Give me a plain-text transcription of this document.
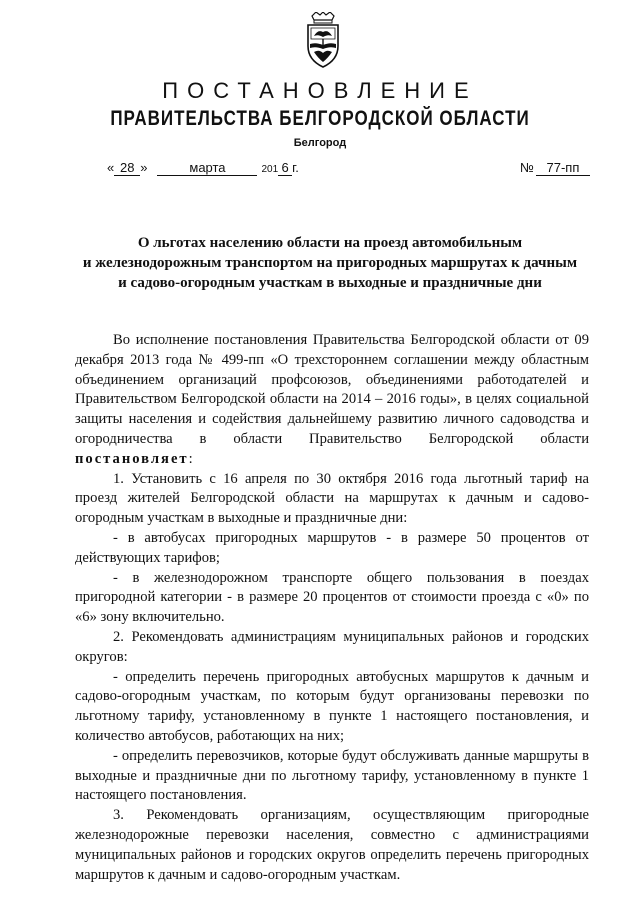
ПОСТАНОВЛЕНИЕ
ПРАВИТЕЛЬСТВА БЕЛГОРОДСКОЙ ОБЛАСТИ
Белгород
« 28 »	марта	201 6 г.	№ 77-пп
О льготах населению области на проезд автомобильным
и железнодорожным транспортом на пригородных маршрутах к дачным
и садово-огородным участкам в выходные и праздничные дни

Во исполнение постановления Правительства Белгородской области от 09 декабря 2013 года № 499-пп «О трехстороннем соглашении между областным объединением организаций профсоюзов, объединениями работодателей и Правительством Белгородской области на 2014 – 2016 годы», в целях социальной защиты населения и содействия дальнейшему развитию личного садоводства и огородничества в области Правительство Белгородской области постановляет:

1. Установить с 16 апреля по 30 октября 2016 года льготный тариф на проезд жителей Белгородской области на маршрутах к дачным и садово-огородным участкам в выходные и праздничные дни:

- в автобусах пригородных маршрутов - в размере 50 процентов от действующих тарифов;

- в железнодорожном транспорте общего пользования в поездах пригородной категории - в размере 20 процентов от стоимости проезда с «0» по «6» зону включительно.

2. Рекомендовать администрациям муниципальных районов и городских округов:

- определить перечень пригородных автобусных маршрутов к дачным и садово-огородным участкам, по которым будут организованы перевозки по льготному тарифу, установленному в пункте 1 настоящего постановления, и количество автобусов, работающих на них;

- определить перевозчиков, которые будут обслуживать данные маршруты в выходные и праздничные дни по льготному тарифу, установленному в пункте 1 настоящего постановления.

3. Рекомендовать организациям, осуществляющим пригородные железнодорожные перевозки населения, совместно с администрациями муниципальных районов и городских округов определить перечень пригородных маршрутов к дачным и садово-огородным участкам.
